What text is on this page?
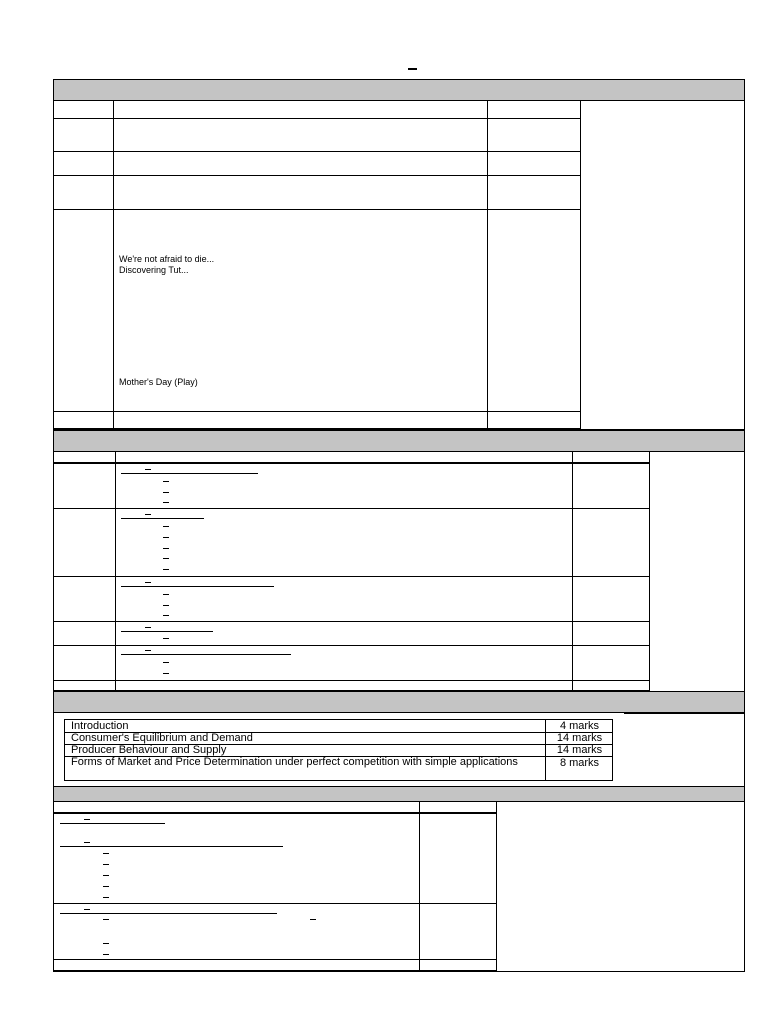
We're not afraid to die...
Discovering Tut...
Mother's Day (Play)
Introduction	4 marks
Consumer's Equilibrium and Demand	14 marks
Producer Behaviour and Supply	14 marks
Forms of Market and Price Determination under perfect competition with simple applications	8 marks
